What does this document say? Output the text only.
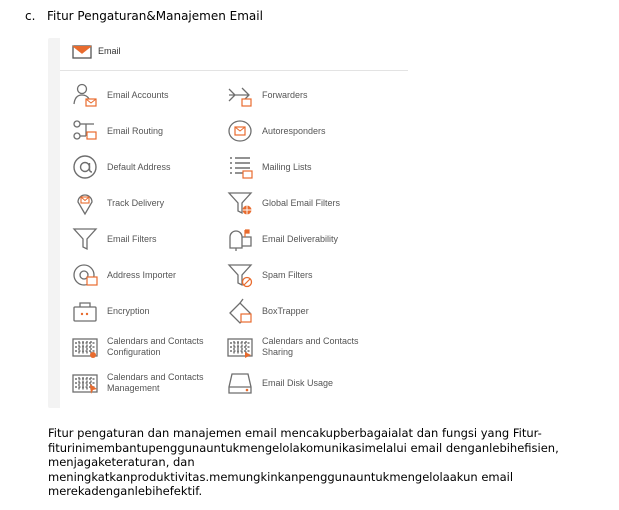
c. Fitur Pengaturan&Manajemen Email
Email
Email Accounts
Email Routing
Default Address
Track Delivery
Email Filters
Address Importer
Encryption
Calendars and Contacts
Configuration
Calendars and Contacts
Management
Forwarders
Autoresponders
Mailing Lists
Global Email Filters
Email Deliverability
Spam Filters
BoxTrapper
Calendars and Contacts
Sharing
Email Disk Usage
Fitur pengaturan dan manajemen email mencakupberbagaialat dan fungsi yang Fitur-
fiturinimembantupenggunauntukmengelolakomunikasimelalui email denganlebihefisien,
menjagaketeraturan, dan
meningkatkanproduktivitas.memungkinkanpenggunauntukmengelolaakun email
merekadenganlebihefektif.
